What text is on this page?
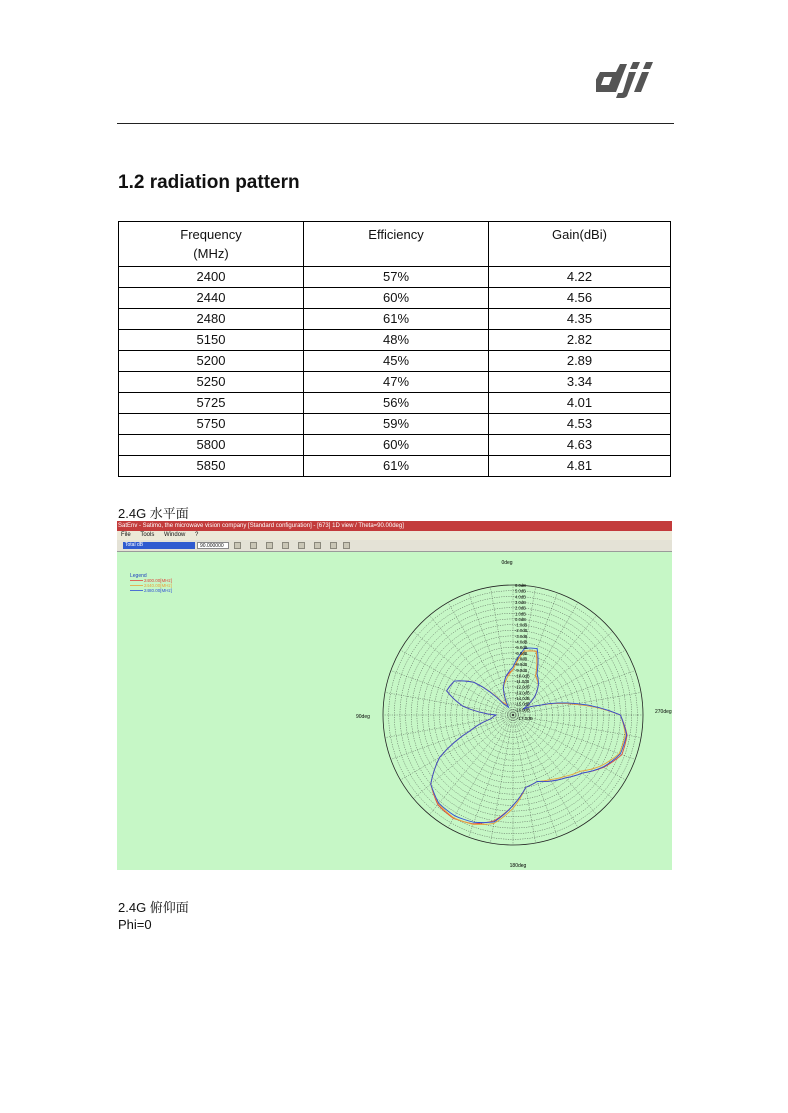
1.2 radiation pattern
Frequency
(MHz)	Efficiency	Gain(dBi)
2400	57%	4.22
2440	60%	4.56
2480	61%	4.35
5150	48%	2.82
5200	45%	2.89
5250	47%	3.34
5725	56%	4.01
5750	59%	4.53
5800	60%	4.63
5850	61%	4.81
2.4G 水平面
SatEnv - Satimo, the microwave vision company [Standard configuration] - [673] 1D view / Theta=90.00deg]
File Tools Window ?
Total dB	90.000000
6.0dB
5.0dB
4.0dB
3.0dB
2.0dB
1.0dB
0.0dB
-1.0dB
-2.0dB
-3.0dB
-4.0dB
-5.0dB
-6.0dB
-7.0dB
-8.0dB
-9.0dB
-10.0dB
-11.0dB
-12.0dB
-13.0dB
-14.0dB
-15.0dB
-16.0dB
0deg
270deg
180deg
90deg	-17.0dB
Legend
2400.00[MHz]
2440.00[MHz]
2480.00[MHz]
2.4G 俯仰面
Phi=0
